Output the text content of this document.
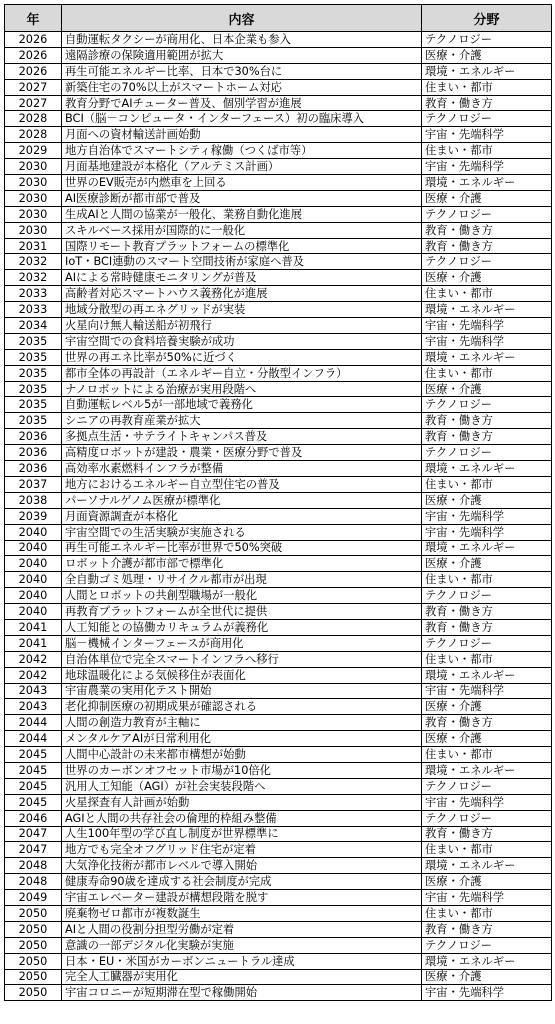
年	内容	分野
2026	自動運転タクシーが商用化、日本企業も参入	テクノロジー
2026	遠隔診療の保険適用範囲が拡大	医療・介護
2026	再生可能エネルギー比率、日本で30%台に	環境・エネルギー
2027	新築住宅の70%以上がスマートホーム対応	住まい・都市
2027	教育分野でAIチューター普及、個別学習が進展	教育・働き方
2028	BCI（脳－コンピュータ・インターフェース）初の臨床導入	テクノロジー
2028	月面への資材輸送計画始動	宇宙・先端科学
2029	地方自治体でスマートシティ稼働（つくば市等）	住まい・都市
2030	月面基地建設が本格化（アルテミス計画）	宇宙・先端科学
2030	世界のEV販売が内燃車を上回る	環境・エネルギー
2030	AI医療診断が都市部で普及	医療・介護
2030	生成AIと人間の協業が一般化、業務自動化進展	テクノロジー
2030	スキルベース採用が国際的に一般化	教育・働き方
2031	国際リモート教育プラットフォームの標準化	教育・働き方
2032	IoT・BCI連動のスマート空間技術が家庭へ普及	テクノロジー
2032	AIによる常時健康モニタリングが普及	医療・介護
2033	高齢者対応スマートハウス義務化が進展	住まい・都市
2033	地域分散型の再エネグリッドが実装	環境・エネルギー
2034	火星向け無人輸送船が初飛行	宇宙・先端科学
2035	宇宙空間での食料培養実験が成功	宇宙・先端科学
2035	世界の再エネ比率が50%に近づく	環境・エネルギー
2035	都市全体の再設計（エネルギー自立・分散型インフラ）	住まい・都市
2035	ナノロボットによる治療が実用段階へ	医療・介護
2035	自動運転レベル5が一部地域で義務化	テクノロジー
2035	シニアの再教育産業が拡大	教育・働き方
2036	多拠点生活・サテライトキャンパス普及	教育・働き方
2036	高精度ロボットが建設・農業・医療分野で普及	テクノロジー
2036	高効率水素燃料インフラが整備	環境・エネルギー
2037	地方におけるエネルギー自立型住宅の普及	住まい・都市
2038	パーソナルゲノム医療が標準化	医療・介護
2039	月面資源調査が本格化	宇宙・先端科学
2040	宇宙空間での生活実験が実施される	宇宙・先端科学
2040	再生可能エネルギー比率が世界で50%突破	環境・エネルギー
2040	ロボット介護が都市部で標準化	医療・介護
2040	全自動ゴミ処理・リサイクル都市が出現	住まい・都市
2040	人間とロボットの共創型職場が一般化	テクノロジー
2040	再教育プラットフォームが全世代に提供	教育・働き方
2041	人工知能との協働カリキュラムが義務化	教育・働き方
2041	脳－機械インターフェースが商用化	テクノロジー
2042	自治体単位で完全スマートインフラへ移行	住まい・都市
2042	地球温暖化による気候移住が表面化	環境・エネルギー
2043	宇宙農業の実用化テスト開始	宇宙・先端科学
2043	老化抑制医療の初期成果が確認される	医療・介護
2044	人間の創造力教育が主軸に	教育・働き方
2044	メンタルケアAIが日常利用化	医療・介護
2045	人間中心設計の未来都市構想が始動	住まい・都市
2045	世界のカーボンオフセット市場が10倍化	環境・エネルギー
2045	汎用人工知能（AGI）が社会実装段階へ	テクノロジー
2045	火星探査有人計画が始動	宇宙・先端科学
2046	AGIと人間の共存社会の倫理的枠組み整備	テクノロジー
2047	人生100年型の学び直し制度が世界標準に	教育・働き方
2047	地方でも完全オフグリッド住宅が定着	住まい・都市
2048	大気浄化技術が都市レベルで導入開始	環境・エネルギー
2048	健康寿命90歳を達成する社会制度が完成	医療・介護
2049	宇宙エレベーター建設が構想段階を脱す	宇宙・先端科学
2050	廃棄物ゼロ都市が複数誕生	住まい・都市
2050	AIと人間の役割分担型労働が定着	教育・働き方
2050	意識の一部デジタル化実験が実施	テクノロジー
2050	日本・EU・米国がカーボンニュートラル達成	環境・エネルギー
2050	完全人工臓器が実用化	医療・介護
2050	宇宙コロニーが短期滞在型で稼働開始	宇宙・先端科学
